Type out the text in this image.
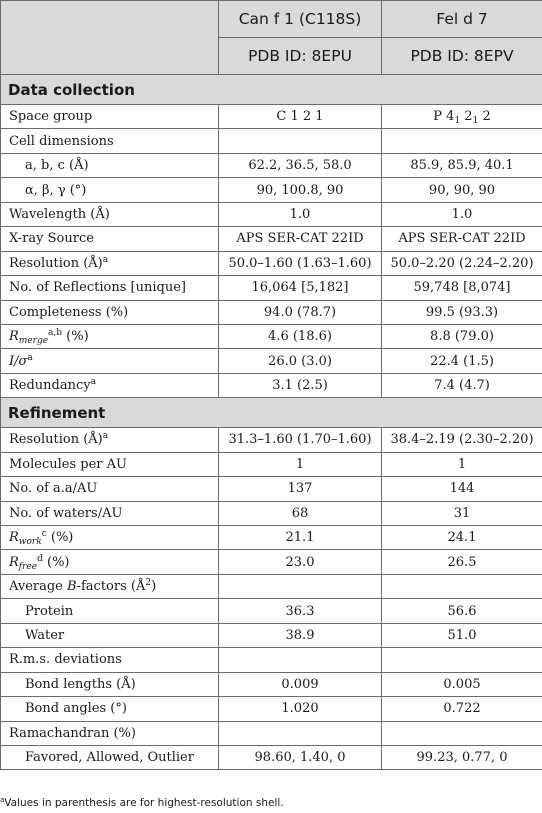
	Can f 1 (C118S)	Fel d 7
	PDB ID: 8EPU	PDB ID: 8EPV
Data collection		
Space group	C 1 2 1	P $4_1$ $2_1$ 2
Cell dimensions		
a, b, c (Å)	62.2, 36.5, 58.0	85.9, 85.9, 40.1
α, β, γ (°)	90, 100.8, 90	90, 90, 90
Wavelength (Å)	1.0	1.0
X-ray Source	APS SER-CAT 22ID	APS SER-CAT 22ID
Resolution (Å)$^a$	50.0–1.60 (1.63–1.60)	50.0–2.20 (2.24–2.20)
No. of Reflections [unique]	16,064 [5,182]	59,748 [8,074]
Completeness (%)	94.0 (78.7)	99.5 (93.3)
$R_{merge}^{a,b}$ (%)	4.6 (18.6)	8.8 (79.0)
$I/\sigma^a$	26.0 (3.0)	22.4 (1.5)
Redundancy$^a$	3.1 (2.5)	7.4 (4.7)
Refinement		
Resolution (Å)$^a$	31.3–1.60 (1.70–1.60)	38.4–2.19 (2.30–2.20)
Molecules per AU	1	1
No. of a.a/AU	137	144
No. of waters/AU	68	31
$R_{work}^c$ (%)	21.1	24.1
$R_{free}^d$ (%)	23.0	26.5
Average B-factors $(Å^2)$		
Protein	36.3	56.6
Water	38.9	51.0
R.m.s. deviations		
Bond lengths (Å)	0.009	0.005
Bond angles (°)	1.020	0.722
Ramachandran (%)		
Favored, Allowed, Outlier	98.60, 1.40, 0	99.23, 0.77, 0
$^a$Values in parenthesis are for highest-resolution shell.
